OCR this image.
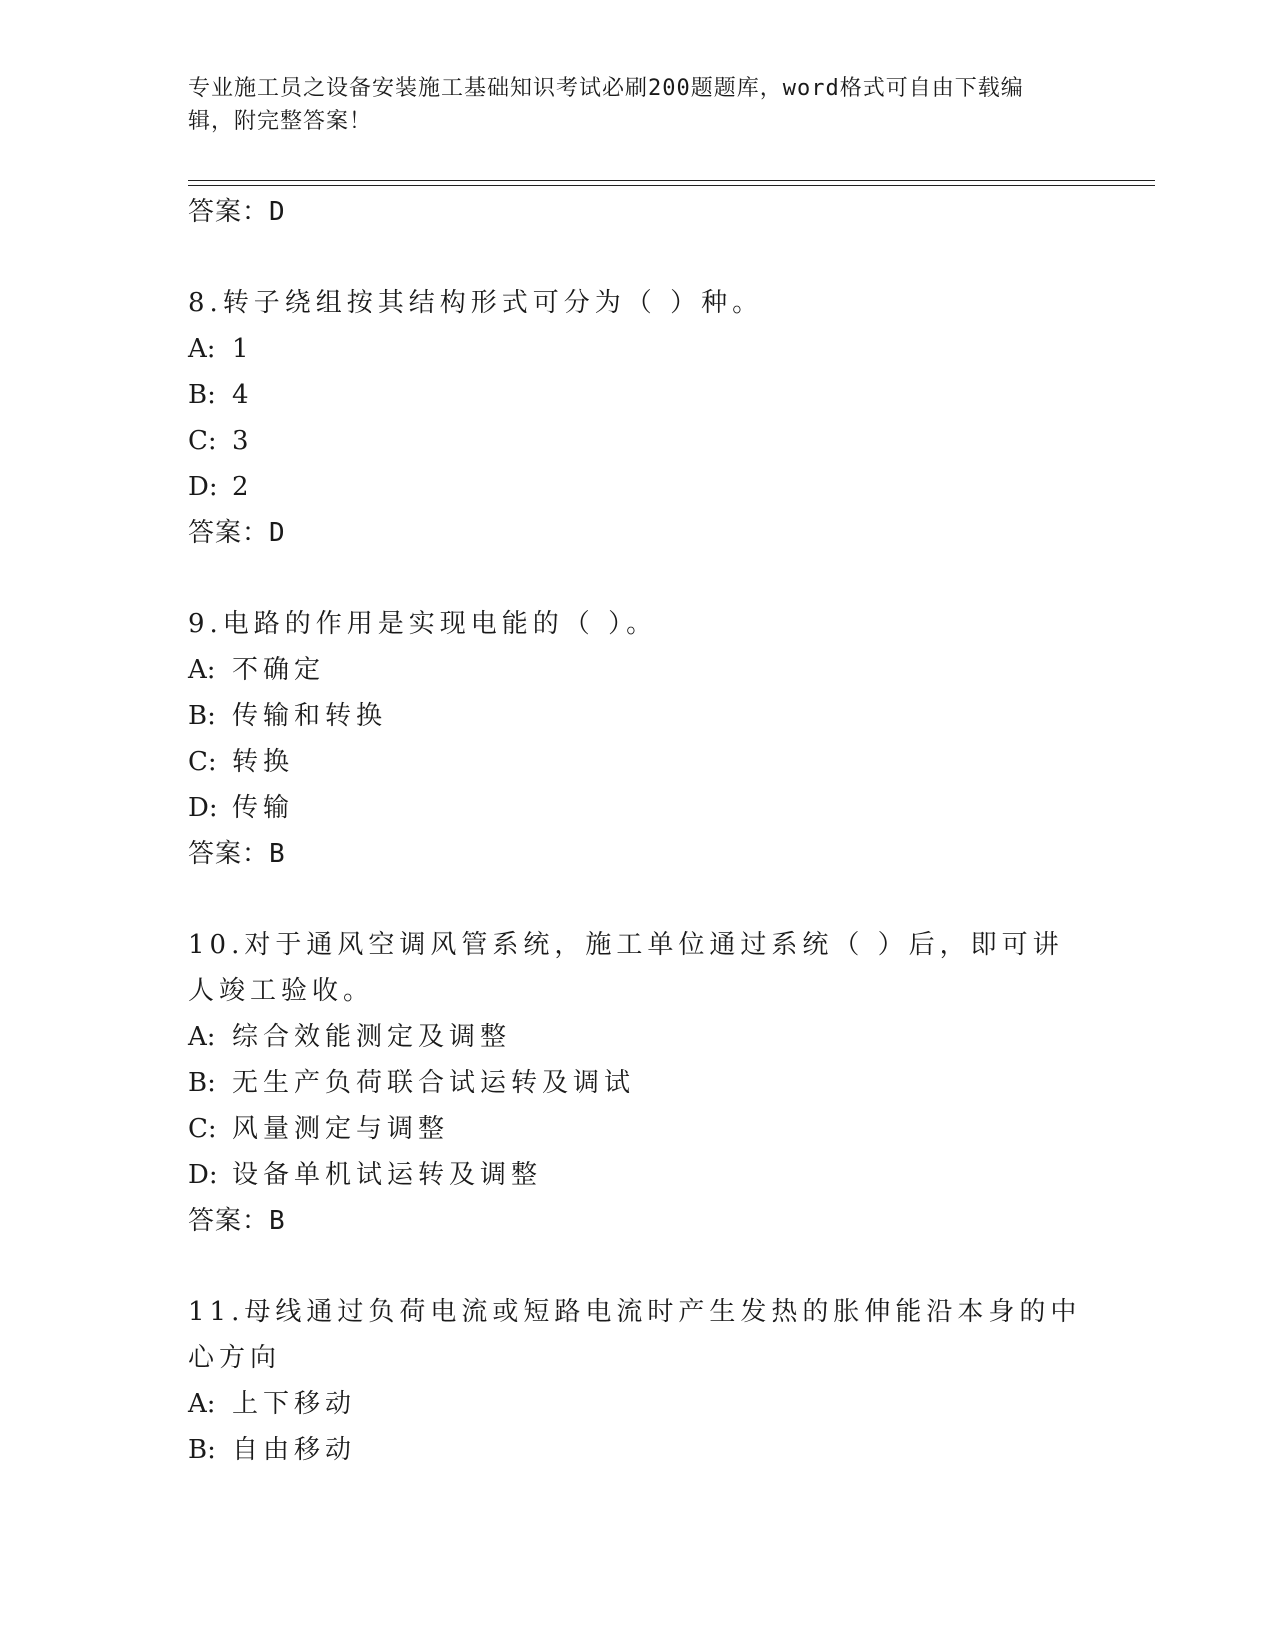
专业施工员之设备安装施工基础知识考试必刷200题题库，word格式可自由下载编辑，附完整答案！
答案：D
8.转子绕组按其结构形式可分为（ ）种。
A: 1
B: 4
C: 3
D: 2
答案：D
9.电路的作用是实现电能的（ ）。
A: 不确定
B: 传输和转换
C: 转换
D: 传输
答案：B
10.对于通风空调风管系统，施工单位通过系统（ ）后，即可讲人竣工验收。
A: 综合效能测定及调整
B: 无生产负荷联合试运转及调试
C: 风量测定与调整
D: 设备单机试运转及调整
答案：B
11.母线通过负荷电流或短路电流时产生发热的胀伸能沿本身的中心方向
A: 上下移动
B: 自由移动
